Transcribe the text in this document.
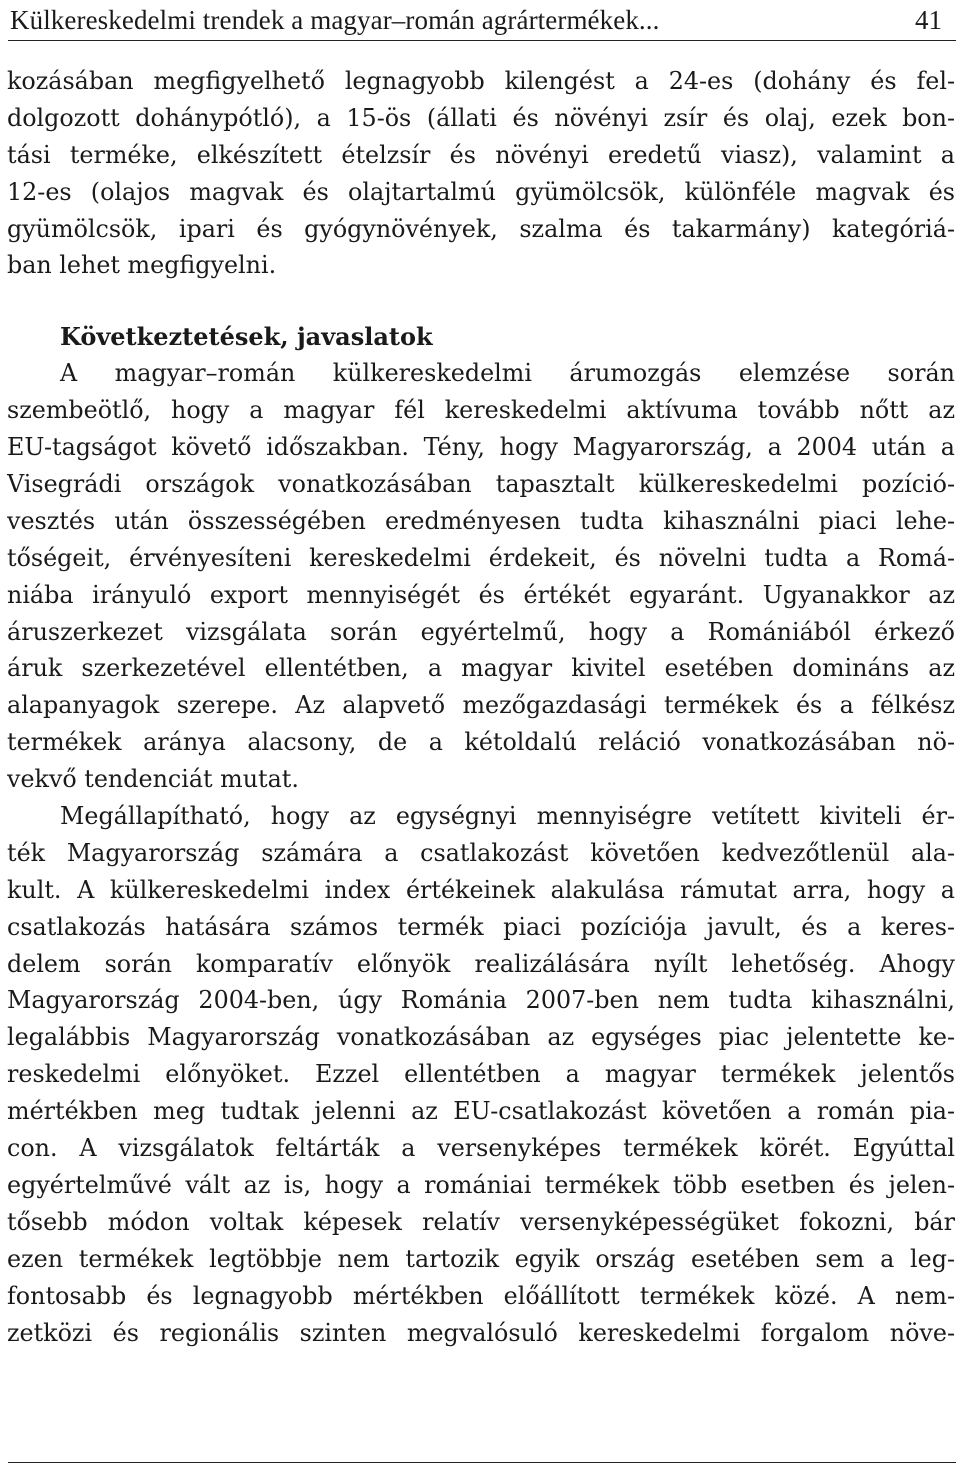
Külkereskedelmi trendek a magyar–román agrártermékek...	41
kozásában megfigyelhető legnagyobb kilengést a 24-es (dohány és fel-
dolgozott dohánypótló), a 15-ös (állati és növényi zsír és olaj, ezek bon-
tási terméke, elkészített ételzsír és növényi eredetű viasz), valamint a
12-es (olajos magvak és olajtartalmú gyümölcsök, különféle magvak és
gyümölcsök, ipari és gyógynövények, szalma és takarmány) kategóriá-
ban lehet megfigyelni.
Következtetések, javaslatok
A magyar–román külkereskedelmi árumozgás elemzése során
szembeötlő, hogy a magyar fél kereskedelmi aktívuma tovább nőtt az
EU-tagságot követő időszakban. Tény, hogy Magyarország, a 2004 után a
Visegrádi országok vonatkozásában tapasztalt külkereskedelmi pozíció-
vesztés után összességében eredményesen tudta kihasználni piaci lehe-
tőségeit, érvényesíteni kereskedelmi érdekeit, és növelni tudta a Romá-
niába irányuló export mennyiségét és értékét egyaránt. Ugyanakkor az
áruszerkezet vizsgálata során egyértelmű, hogy a Romániából érkező
áruk szerkezetével ellentétben, a magyar kivitel esetében domináns az
alapanyagok szerepe. Az alapvető mezőgazdasági termékek és a félkész
termékek aránya alacsony, de a kétoldalú reláció vonatkozásában nö-
vekvő tendenciát mutat.
Megállapítható, hogy az egységnyi mennyiségre vetített kiviteli ér-
ték Magyarország számára a csatlakozást követően kedvezőtlenül ala-
kult. A külkereskedelmi index értékeinek alakulása rámutat arra, hogy a
csatlakozás hatására számos termék piaci pozíciója javult, és a keres-
delem során komparatív előnyök realizálására nyílt lehetőség. Ahogy
Magyarország 2004-ben, úgy Románia 2007-ben nem tudta kihasználni,
legalábbis Magyarország vonatkozásában az egységes piac jelentette ke-
reskedelmi előnyöket. Ezzel ellentétben a magyar termékek jelentős
mértékben meg tudtak jelenni az EU-csatlakozást követően a román pia-
con. A vizsgálatok feltárták a versenyképes termékek körét. Egyúttal
egyértelművé vált az is, hogy a romániai termékek több esetben és jelen-
tősebb módon voltak képesek relatív versenyképességüket fokozni, bár
ezen termékek legtöbbje nem tartozik egyik ország esetében sem a leg-
fontosabb és legnagyobb mértékben előállított termékek közé. A nem-
zetközi és regionális szinten megvalósuló kereskedelmi forgalom növe-
